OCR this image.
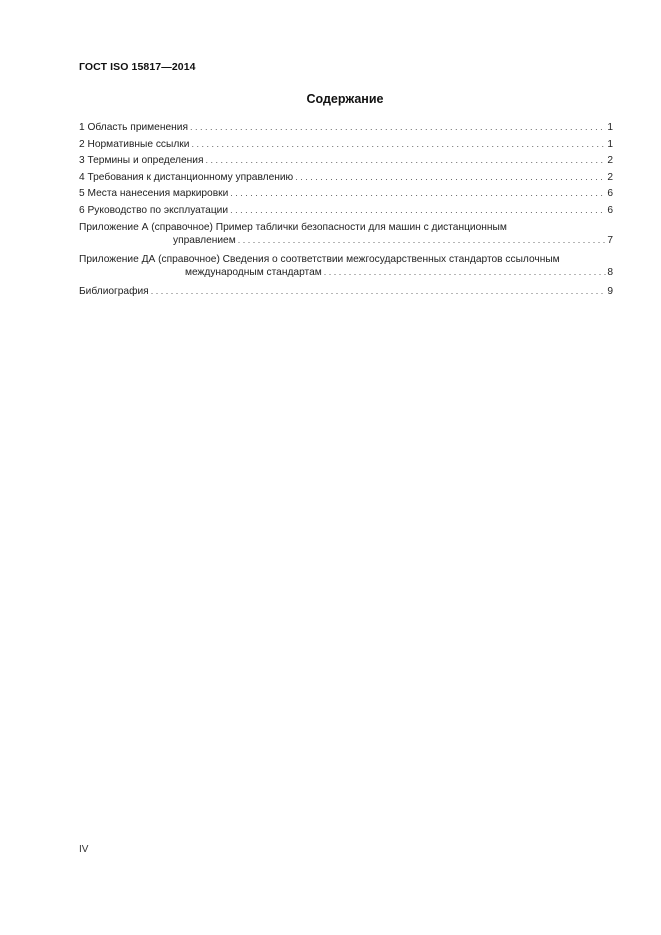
ГОСТ ISO 15817—2014
Содержание
1 Область применения . . .	1
2 Нормативные ссылки . . .	1
3 Термины и определения . . .	2
4 Требования к дистанционному управлению . . .	2
5 Места нанесения маркировки . . .	6
6 Руководство по эксплуатации . . .	6
Приложение А (справочное) Пример таблички безопасности для машин с дистанционным
управлением . . .	7
Приложение ДА (справочное) Сведения о соответствии межгосударственных стандартов ссылочным
международным стандартам . . .	8
Библиография . . .	9
IV
